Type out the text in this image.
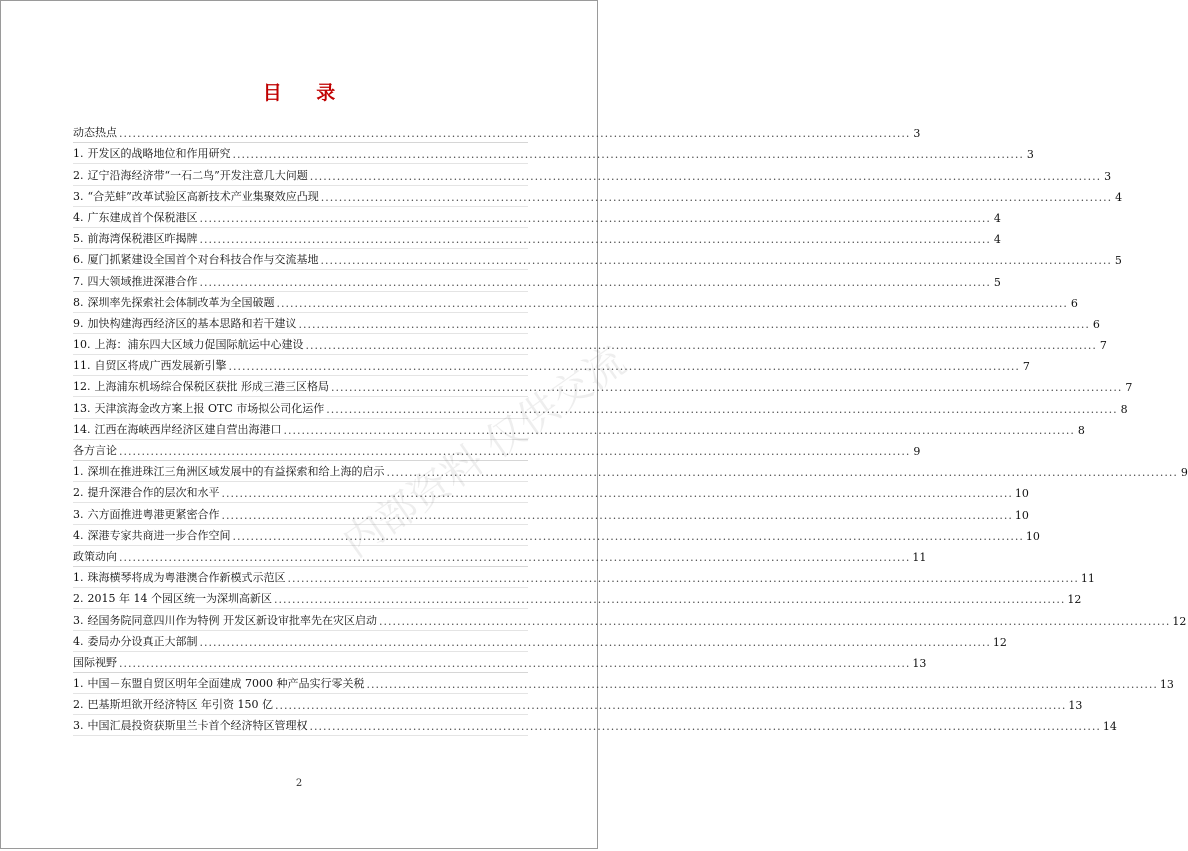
目 录
动态热点 .....	3
1. 开发区的战略地位和作用研究 .....	3
2. 辽宁沿海经济带“一石二鸟”开发注意几大问题 .....	3
3. “合芜蚌”改革试验区高新技术产业集聚效应凸现 .....	4
4. 广东建成首个保税港区 .....	4
5. 前海湾保税港区昨揭牌 .....	4
6. 厦门抓紧建设全国首个对台科技合作与交流基地 .....	5
7. 四大领域推进深港合作 .....	5
8. 深圳率先探索社会体制改革为全国破题 .....	6
9. 加快构建海西经济区的基本思路和若干建议 .....	6
10. 上海：浦东四大区域力促国际航运中心建设 .....	7
11. 自贸区将成广西发展新引擎 .....	7
12. 上海浦东机场综合保税区获批 形成三港三区格局 .....	7
13. 天津滨海金改方案上报 OTC 市场拟公司化运作 .....	8
14. 江西在海峡西岸经济区建自营出海港口 .....	8
各方言论 .....	9
1. 深圳在推进珠江三角洲区域发展中的有益探索和给上海的启示 .....	9
2. 提升深港合作的层次和水平 .....	10
3. 六方面推进粤港更紧密合作 .....	10
4. 深港专家共商进一步合作空间 .....	10
政策动向 .....	11
1. 珠海横琴将成为粤港澳合作新模式示范区 .....	11
2. 2015 年 14 个园区统一为深圳高新区 .....	12
3. 经国务院同意四川作为特例 开发区新设审批率先在灾区启动 .....	12
4. 委局办分设真正大部制 .....	12
国际视野 .....	13
1. 中国－东盟自贸区明年全面建成 7000 种产品实行零关税 .....	13
2. 巴基斯坦欲开经济特区 年引资 150 亿 .....	13
3. 中国汇晨投资获斯里兰卡首个经济特区管理权 .....	14
内部资料 仅供交流
2
